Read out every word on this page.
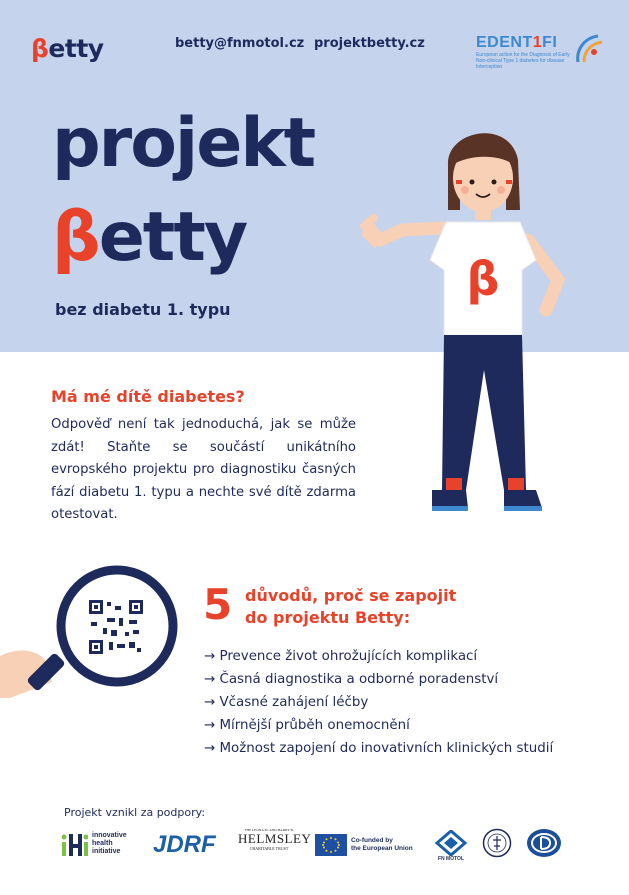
βetty	betty@fnmotol.cz projektbetty.cz	EDENT1FI
European action for the Diagnosis of Early Non-clinical Type 1 diabetes for disease Interception
projekt
βetty
bez diabetu 1. typu
β
Má mé dítě diabetes?
Odpověď není tak jednoduchá, jak se může zdát! Staňte se součástí unikátního evropského projektu pro diagnostiku časných fází diabetu 1. typu a nechte své dítě zdarma otestovat.
5 důvodů, proč se zapojit
do projektu Betty:
→ Prevence život ohrožujících komplikací
→ Časná diagnostika a odborné poradenství
→ Včasné zahájení léčby
→ Mírnější průběh onemocnění
→ Možnost zapojení do inovativních klinických studií
Projekt vznikl za podpory:
innovative
health
initiative JDRF
THE LEONA M. AND HARRY B.
HELMSLEY
CHARITABLE TRUST
Co-funded by
the European Union
FN MOTOL
